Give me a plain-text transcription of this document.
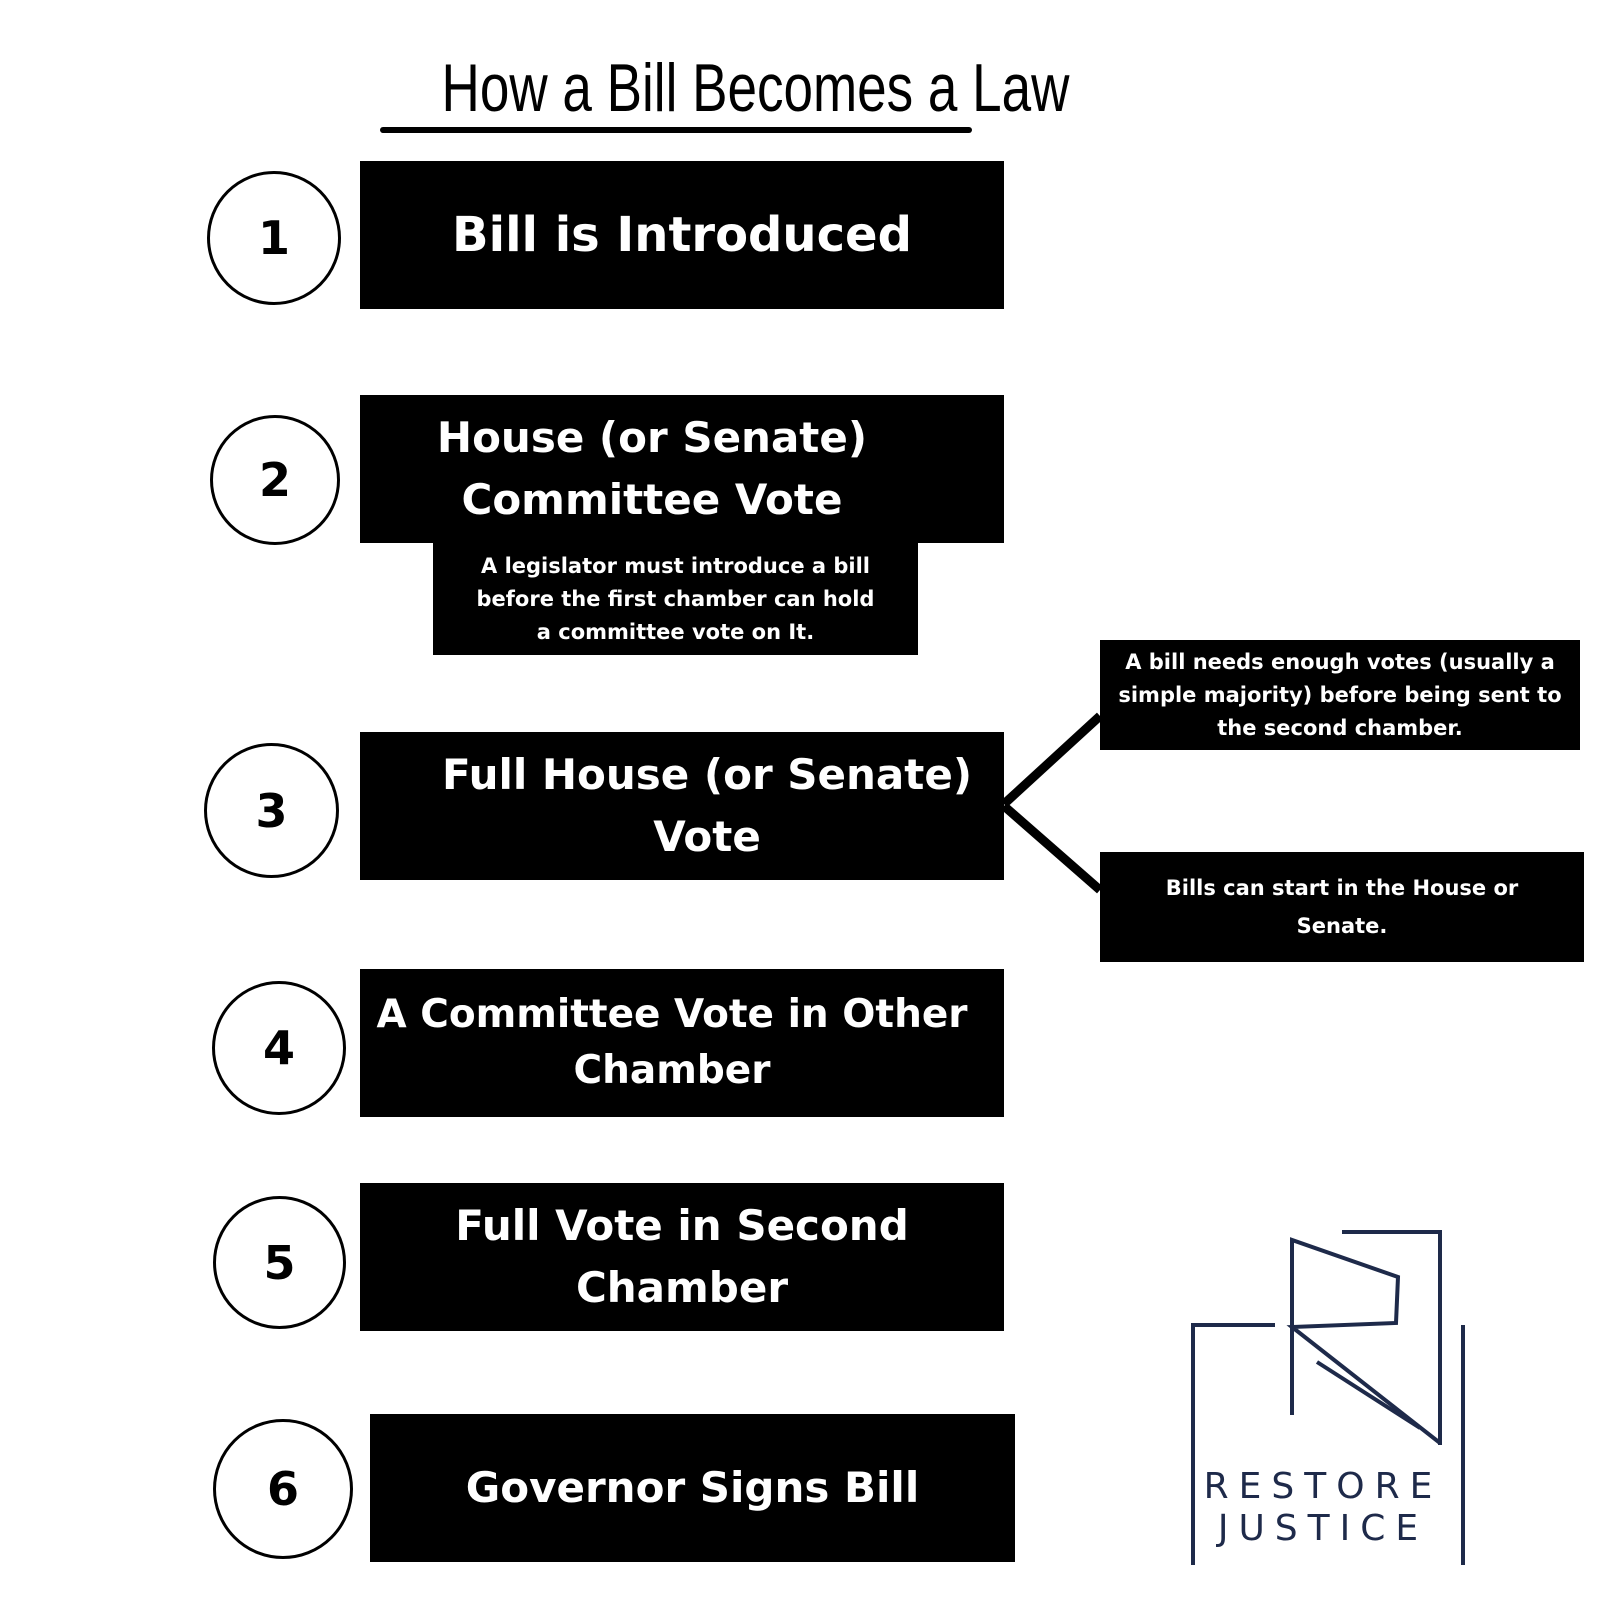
How a Bill Becomes a Law
1	Bill is Introduced
2
House (or Senate)
Committee Vote
A legislator must introduce a bill
before the first chamber can hold
a committee vote on It.
3
Full House (or Senate)
Vote
A bill needs enough votes (usually a
simple majority) before being sent to
the second chamber.
Bills can start in the House or
Senate.
4
A Committee Vote in Other
Chamber
5
Full Vote in Second
Chamber
6	Governor Signs Bill	RESTORE
JUSTICE
